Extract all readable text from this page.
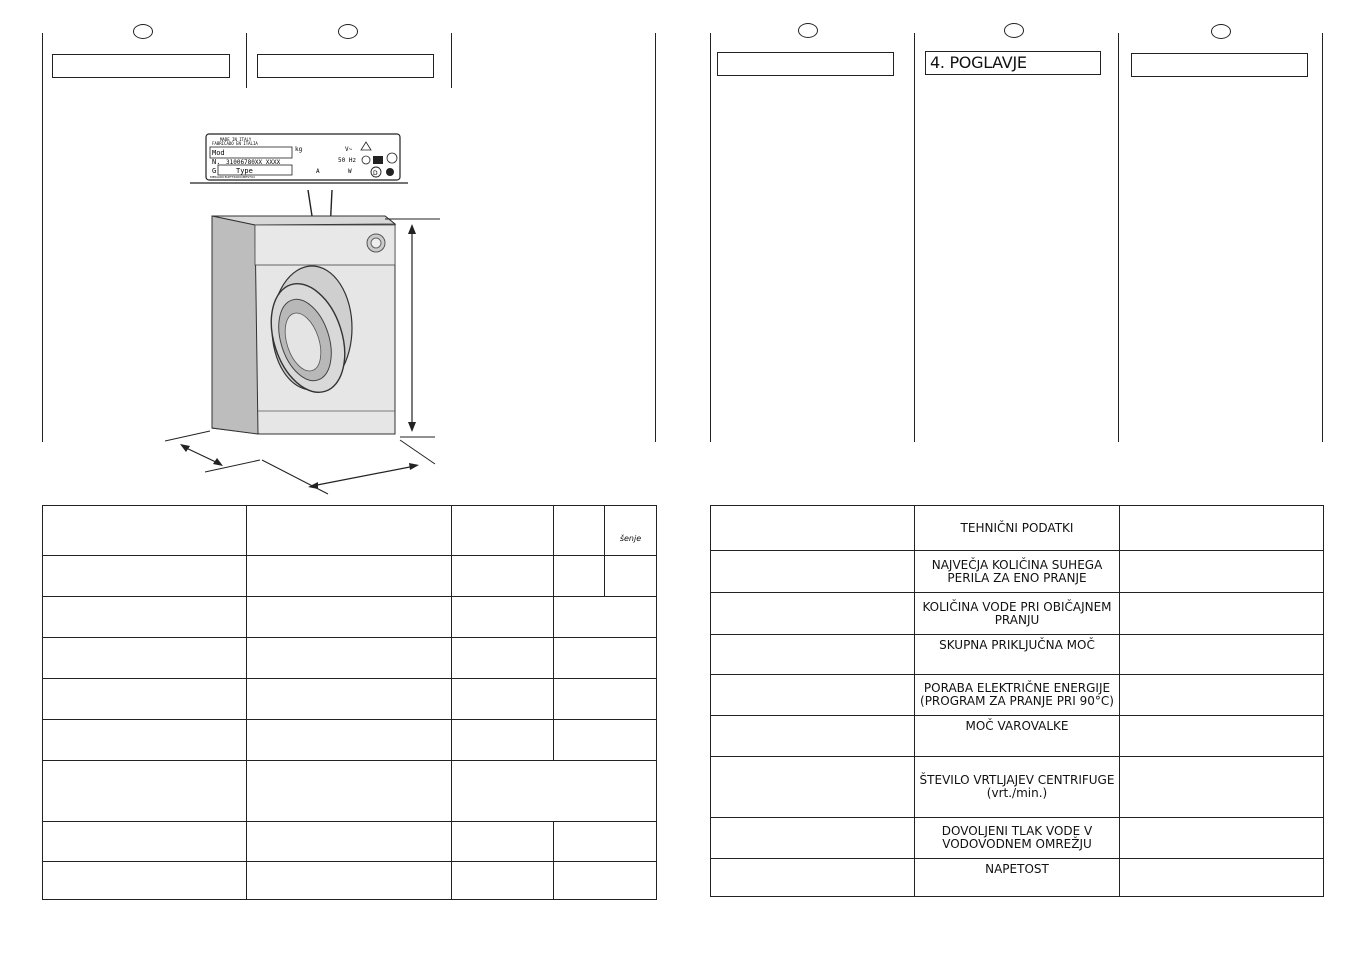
MADE IN ITALY
FABRICADO EN ITALIA
Mod
N. 31006780XX XXXX
G	Type
kg	V~
50 Hz
A	W	D
MERLONI ELETTRODOMESTICI
				šenje

4. POGLAVJE
	TEHNIČNI PODATKI	

	NAJVEČJA KOLIČINA SUHEGA PERILA ZA ENO PRANJE	

	KOLIČINA VODE PRI OBIČAJNEM PRANJU	

	SKUPNA PRIKLJUČNA MOČ	

	PORABA ELEKTRIČNE ENERGIJE (PROGRAM ZA PRANJE PRI 90°C)	

	MOČ VAROVALKE	

	ŠTEVILO VRTLJAJEV CENTRIFUGE (vrt./min.)	

	DOVOLJENI TLAK VODE V VODOVODNEM OMREŽJU	

	NAPETOST	
